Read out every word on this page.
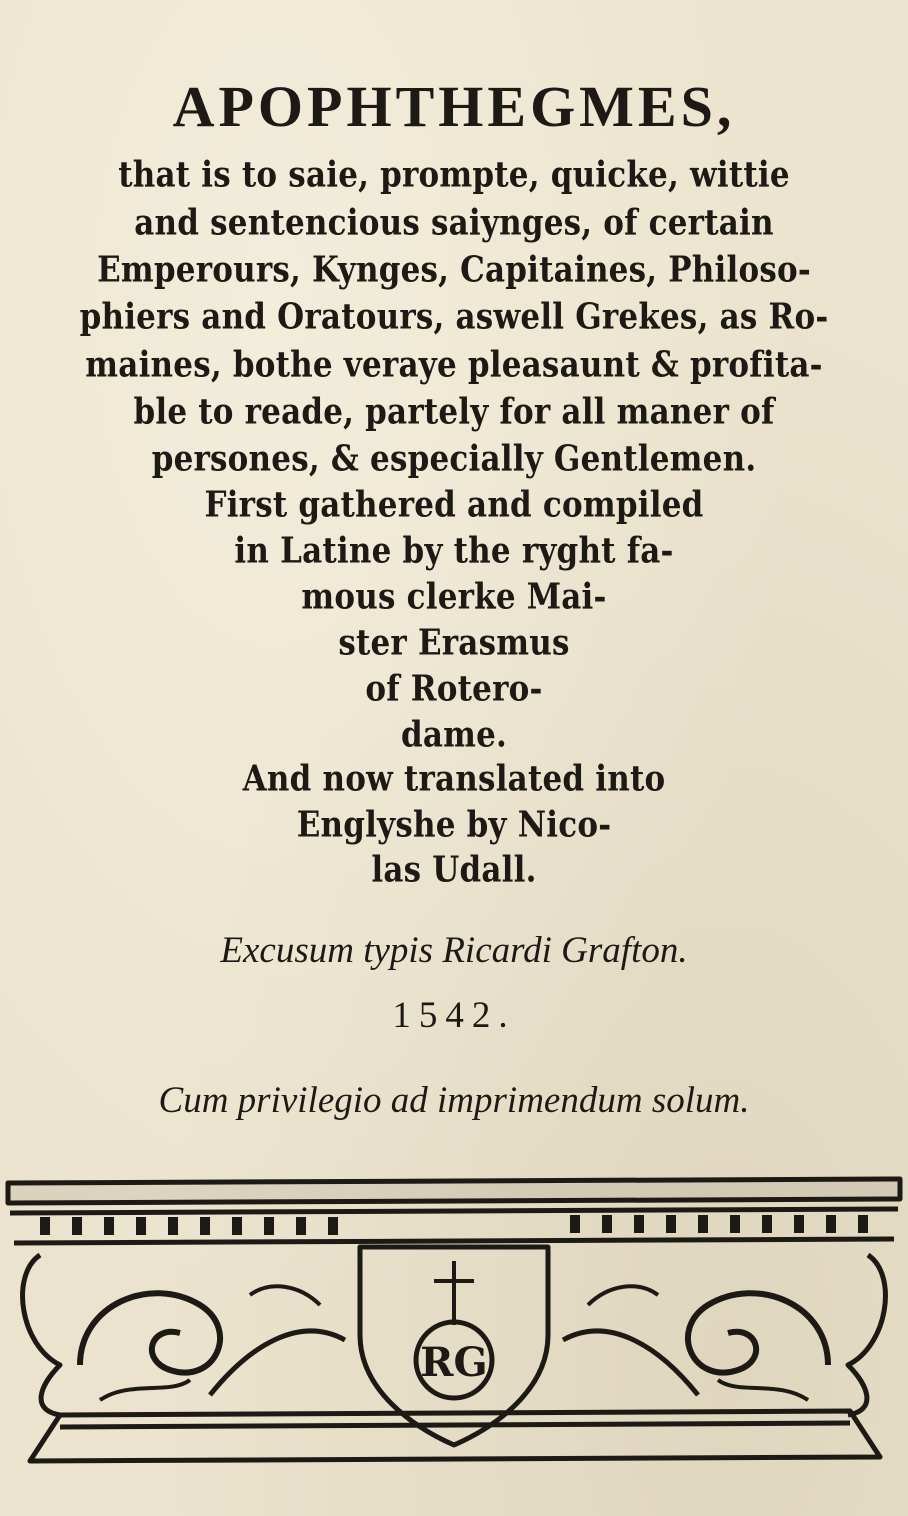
APOPHTHEGMES,
that is to saie, prompte, quicke, wittie
and sentencious saiynges, of certain
Emperours, Kynges, Capitaines, Philoso-
phiers and Oratours, aswell Grekes, as Ro-
maines, bothe veraye pleasaunt & profita-
ble to reade, partely for all maner of
persones, & especially Gentlemen.
First gathered and compiled
in Latine by the ryght fa-
mous clerke Mai-
ster Erasmus
of Rotero-
dame.
And now translated into
Englyshe by Nico-
las Udall.
Excusum typis Ricardi Grafton.
1542.
Cum privilegio ad imprimendum solum.
RG
